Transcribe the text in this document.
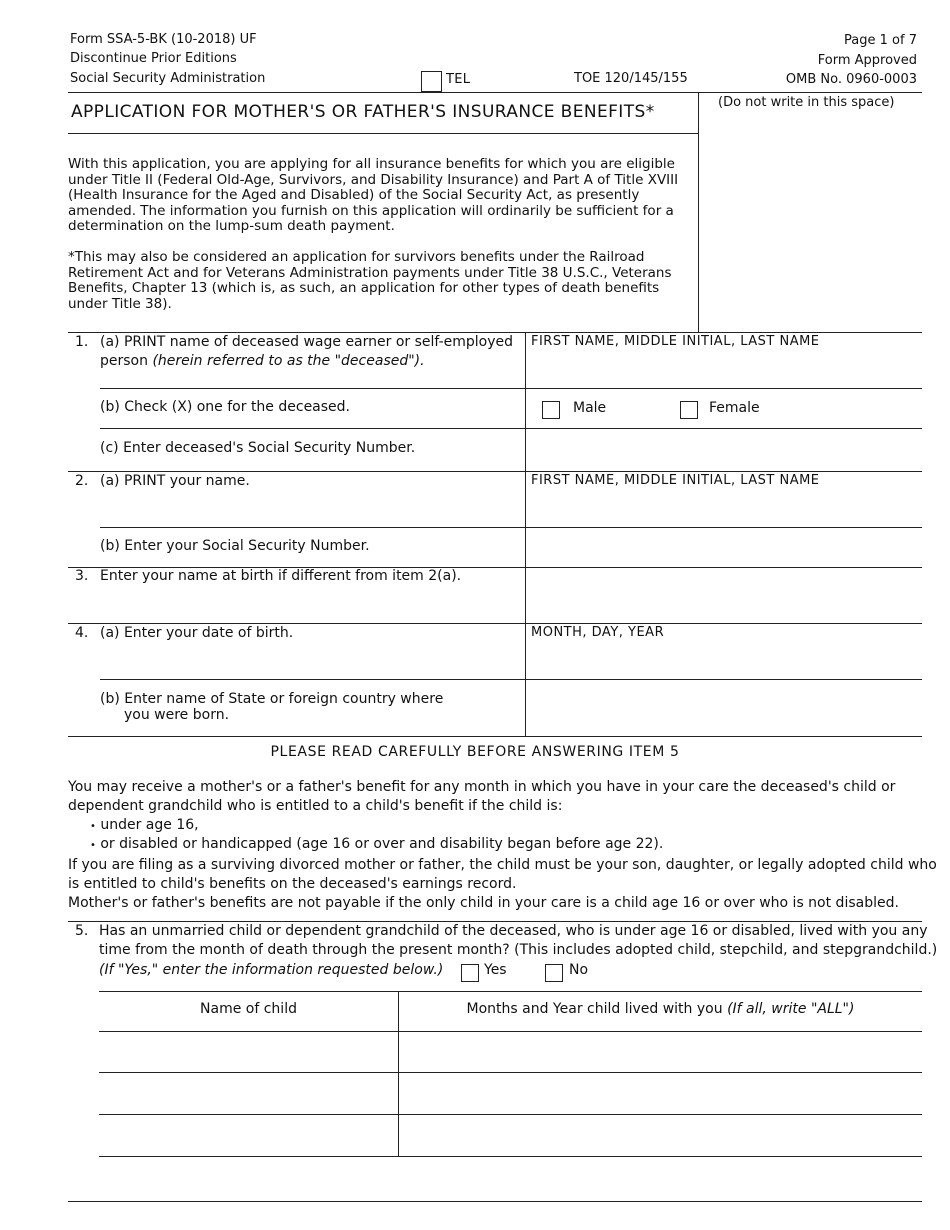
Form SSA-5-BK (10-2018) UF
Discontinue Prior Editions
Social Security Administration	TEL	TOE 120/145/155
Page 1 of 7
Form Approved
OMB No. 0960-0003
APPLICATION FOR MOTHER'S OR FATHER'S INSURANCE BENEFITS*	(Do not write in this space)
With this application, you are applying for all insurance benefits for which you are eligible under Title II (Federal Old-Age, Survivors, and Disability Insurance) and Part A of Title XVIII (Health Insurance for the Aged and Disabled) of the Social Security Act, as presently amended. The information you furnish on this application will ordinarily be sufficient for a determination on the lump-sum death payment.
*This may also be considered an application for survivors benefits under the Railroad Retirement Act and for Veterans Administration payments under Title 38 U.S.C., Veterans Benefits, Chapter 13 (which is, as such, an application for other types of death benefits under Title 38).
1. (a) PRINT name of deceased wage earner or self-employed person (herein referred to as the "deceased").
FIRST NAME, MIDDLE INITIAL, LAST NAME
(b) Check (X) one for the deceased.	Male	Female
(c) Enter deceased's Social Security Number.
2. (a) PRINT your name.	FIRST NAME, MIDDLE INITIAL, LAST NAME
(b) Enter your Social Security Number.
3. Enter your name at birth if different from item 2(a).
4. (a) Enter your date of birth.	MONTH, DAY, YEAR
(b) Enter name of State or foreign country where
you were born.
PLEASE READ CAREFULLY BEFORE ANSWERING ITEM 5
You may receive a mother's or a father's benefit for any month in which you have in your care the deceased's child or
dependent grandchild who is entitled to a child's benefit if the child is:
• under age 16,
• or disabled or handicapped (age 16 or over and disability began before age 22).
If you are filing as a surviving divorced mother or father, the child must be your son, daughter, or legally adopted child who
is entitled to child's benefits on the deceased's earnings record.
Mother's or father's benefits are not payable if the only child in your care is a child age 16 or over who is not disabled.
5. Has an unmarried child or dependent grandchild of the deceased, who is under age 16 or disabled, lived with you any
time from the month of death through the present month? (This includes adopted child, stepchild, and stepgrandchild.)
(If "Yes," enter the information requested below.)	Yes	No
Name of child	Months and Year child lived with you (If all, write "ALL")
